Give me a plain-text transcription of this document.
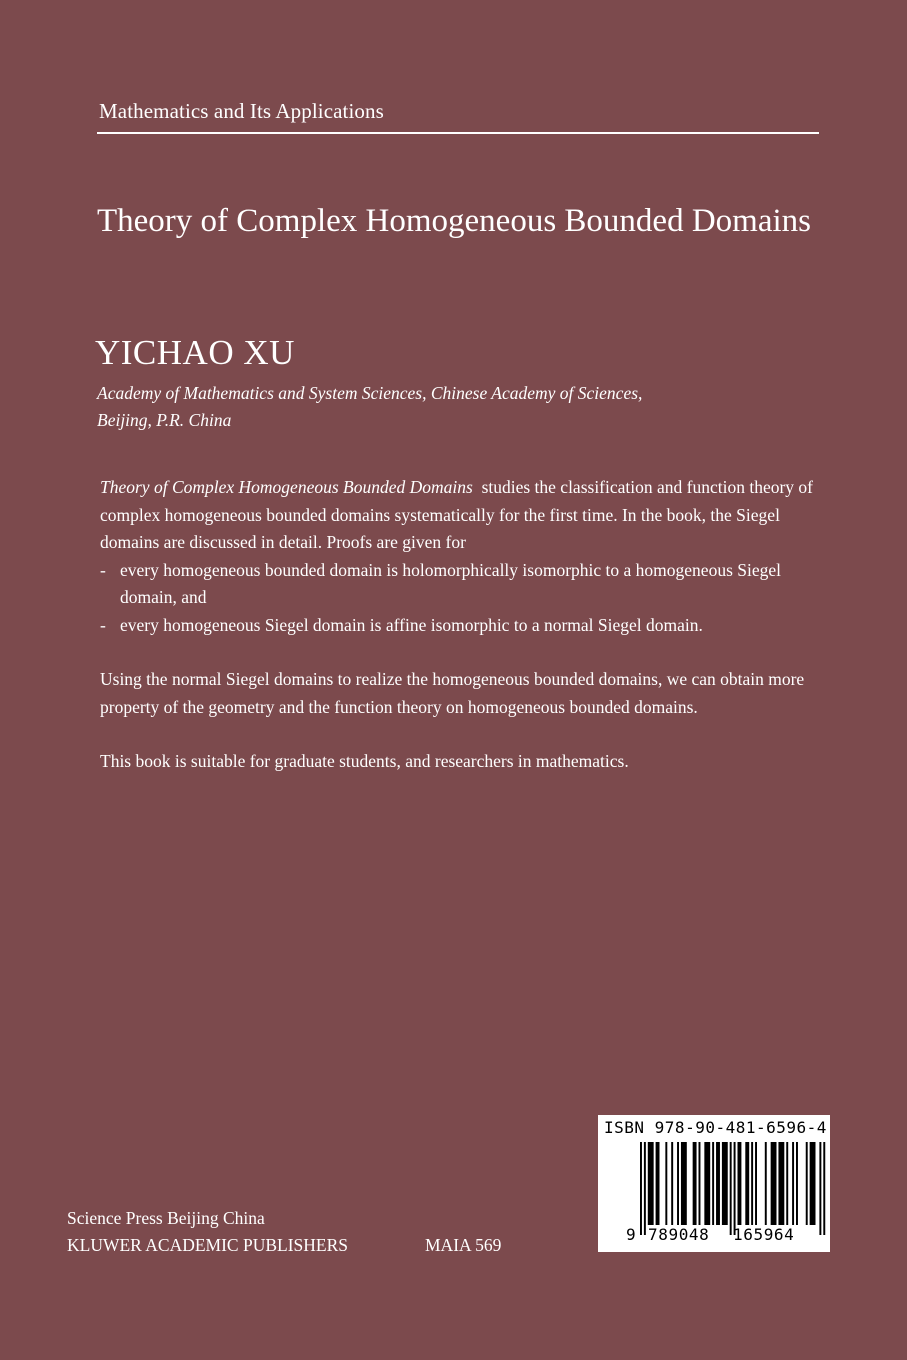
Mathematics and Its Applications
Theory of Complex Homogeneous Bounded Domains
YICHAO XU
Academy of Mathematics and System Sciences, Chinese Academy of Sciences,
Beijing, P.R. China

Theory of Complex Homogeneous Bounded Domains studies the classification and function theory of complex homogeneous bounded domains systematically for the first time. In the book, the Siegel domains are discussed in detail. Proofs are given for

- every homogeneous bounded domain is holomorphically isomorphic to a homogeneous Siegel domain, and

- every homogeneous Siegel domain is affine isomorphic to a normal Siegel domain.

Using the normal Siegel domains to realize the homogeneous bounded domains, we can obtain more property of the geometry and the function theory on homogeneous bounded domains.

This book is suitable for graduate students, and researchers in mathematics.

Science Press Beijing China
KLUWER ACADEMIC PUBLISHERS	MAIA 569
ISBN 978-90-481-6596-4
9 789048 165964
